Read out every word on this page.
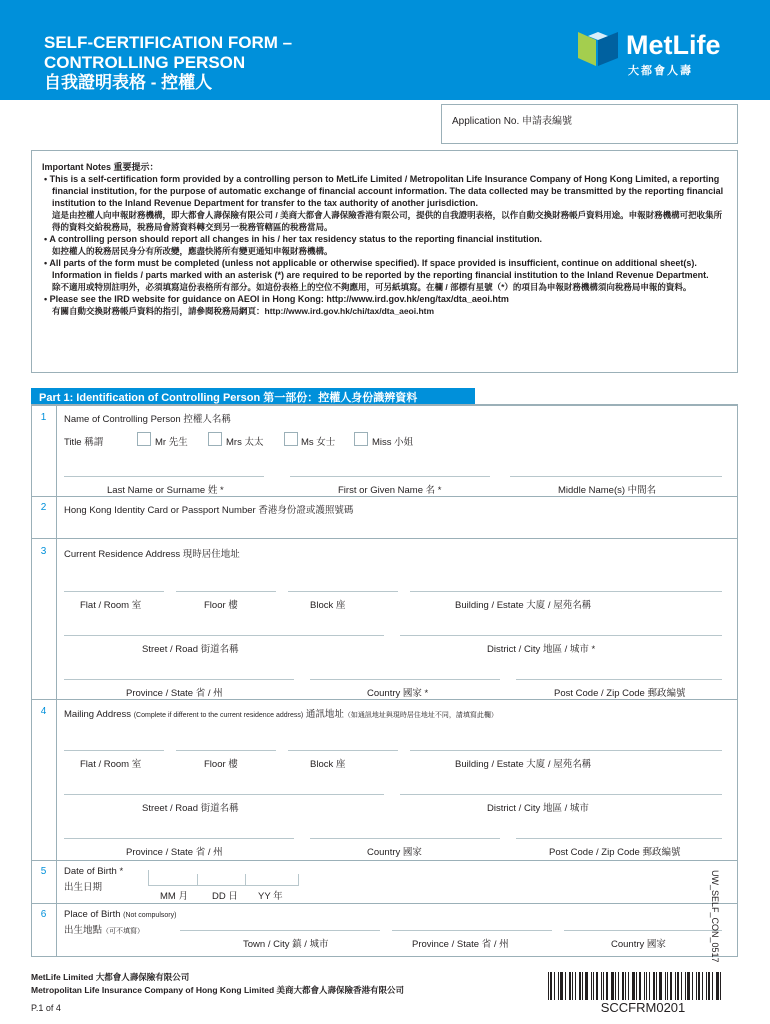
SELF-CERTIFICATION FORM –
CONTROLLING PERSON
自我證明表格 - 控權人
MetLife
大都會人壽
Application No. 申請表編號

Important Notes 重要提示：

• This is a self-certification form provided by a controlling person to MetLife Limited / Metropolitan Life Insurance Company of Hong Kong Limited, a reporting financial institution, for the purpose of automatic exchange of financial account information. The data collected may be transmitted by the reporting financial institution to the Inland Revenue Department for transfer to the tax authority of another jurisdiction.

這是由控權人向申報財務機構，即大都會人壽保險有限公司 / 美商大都會人壽保險香港有限公司，提供的自我證明表格，以作自動交換財務帳戶資料用途。申報財務機構可把收集所得的資料交給稅務局，稅務局會將資料轉交到另一稅務管轄區的稅務當局。

• A controlling person should report all changes in his / her tax residency status to the reporting financial institution.

如控權人的稅務居民身分有所改變，應盡快將所有變更通知申報財務機構。

• All parts of the form must be completed (unless not applicable or otherwise specified). If space provided is insufficient, continue on additional sheet(s). Information in fields / parts marked with an asterisk (*) are required to be reported by the reporting financial institution to the Inland Revenue Department.

除不適用或特別註明外，必須填寫這份表格所有部分。如這份表格上的空位不夠應用，可另紙填寫。在欄 / 部標有星號（*）的項目為申報財務機構須向稅務局申報的資料。

• Please see the IRD website for guidance on AEOI in Hong Kong: http://www.ird.gov.hk/eng/tax/dta_aeoi.htm

有關自動交換財務帳戶資料的指引，請參閱稅務局網頁：http://www.ird.gov.hk/chi/tax/dta_aeoi.htm

Part 1: Identification of Controlling Person 第一部份：控權人身份識辨資料
1	Name of Controlling Person 控權人名稱
Title 稱謂	Mr 先生	Mrs 太太	Ms 女士	Miss 小姐
Last Name or Surname 姓 *	First or Given Name 名 *	Middle Name(s) 中間名
2	Hong Kong Identity Card or Passport Number 香港身份證或護照號碼
3	Current Residence Address 現時居住地址
Flat / Room 室	Floor 樓	Block 座	Building / Estate 大廈 / 屋苑名稱
Street / Road 街道名稱	District / City 地區 / 城市 *
Province / State 省 / 州	Country 國家 *	Post Code / Zip Code 郵政編號
4	Mailing Address (Complete if different to the current residence address) 通訊地址（如通訊地址與現時居住地址不同，請填寫此欄）
Flat / Room 室	Floor 樓	Block 座	Building / Estate 大廈 / 屋苑名稱
Street / Road 街道名稱	District / City 地區 / 城市
Province / State 省 / 州	Country 國家	Post Code / Zip Code 郵政編號
5	Date of Birth *
出生日期
MM 月	DD 日 YY 年
6	Place of Birth (Not compulsory)
出生地點（可不填寫）
Town / City 鎮 / 城市	Province / State 省 / 州	Country 國家	UW_SELF_CON_0517
MetLife Limited 大都會人壽保險有限公司
Metropolitan Life Insurance Company of Hong Kong Limited 美商大都會人壽保險香港有限公司
P.1 of 4	SCCFRM0201
